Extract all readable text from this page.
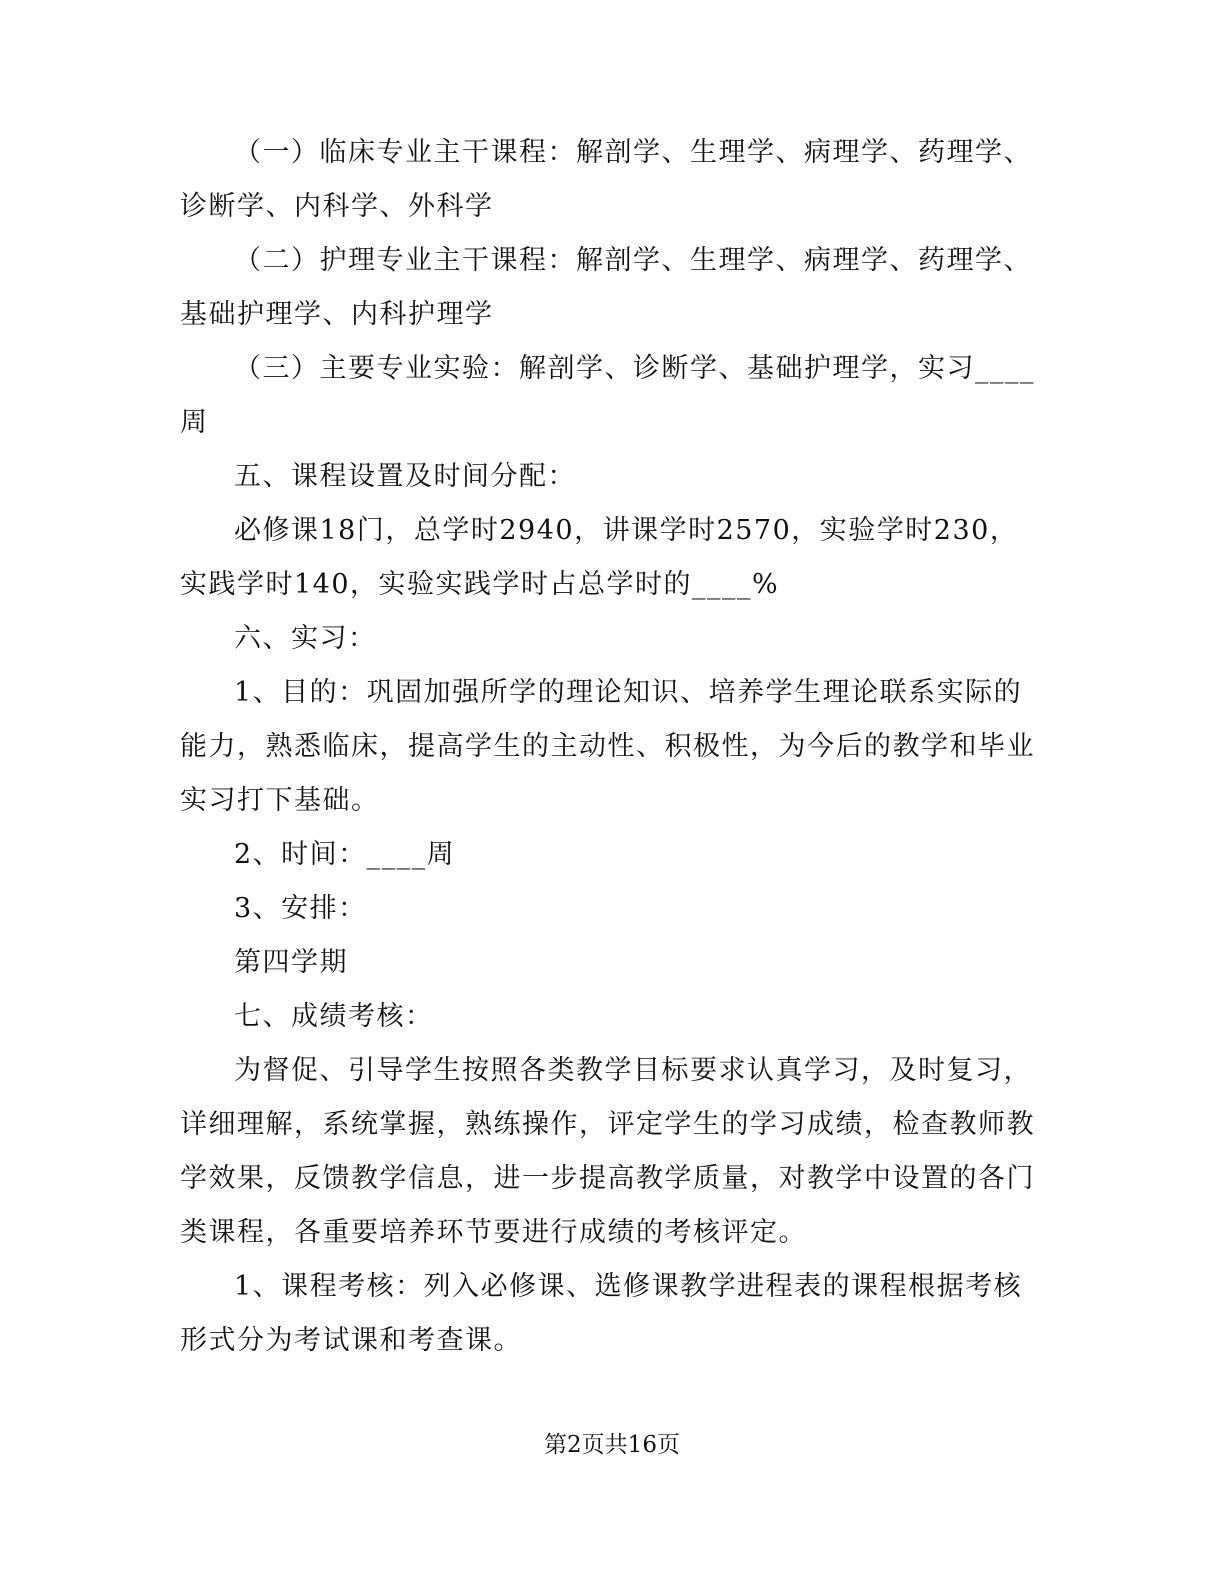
（一）临床专业主干课程：解剖学、生理学、病理学、药理学、诊断学、内科学、外科学

（二）护理专业主干课程：解剖学、生理学、病理学、药理学、基础护理学、内科护理学

（三）主要专业实验：解剖学、诊断学、基础护理学，实习____周

五、课程设置及时间分配：

必修课18门，总学时2940，讲课学时2570，实验学时230，实践学时140，实验实践学时占总学时的____%

六、实习：

1、目的：巩固加强所学的理论知识、培养学生理论联系实际的能力，熟悉临床，提高学生的主动性、积极性，为今后的教学和毕业实习打下基础。

2、时间：____周

3、安排：

第四学期

七、成绩考核：

为督促、引导学生按照各类教学目标要求认真学习，及时复习，详细理解，系统掌握，熟练操作，评定学生的学习成绩，检查教师教学效果，反馈教学信息，进一步提高教学质量，对教学中设置的各门类课程，各重要培养环节要进行成绩的考核评定。

1、课程考核：列入必修课、选修课教学进程表的课程根据考核形式分为考试课和考查课。

第2页共16页
